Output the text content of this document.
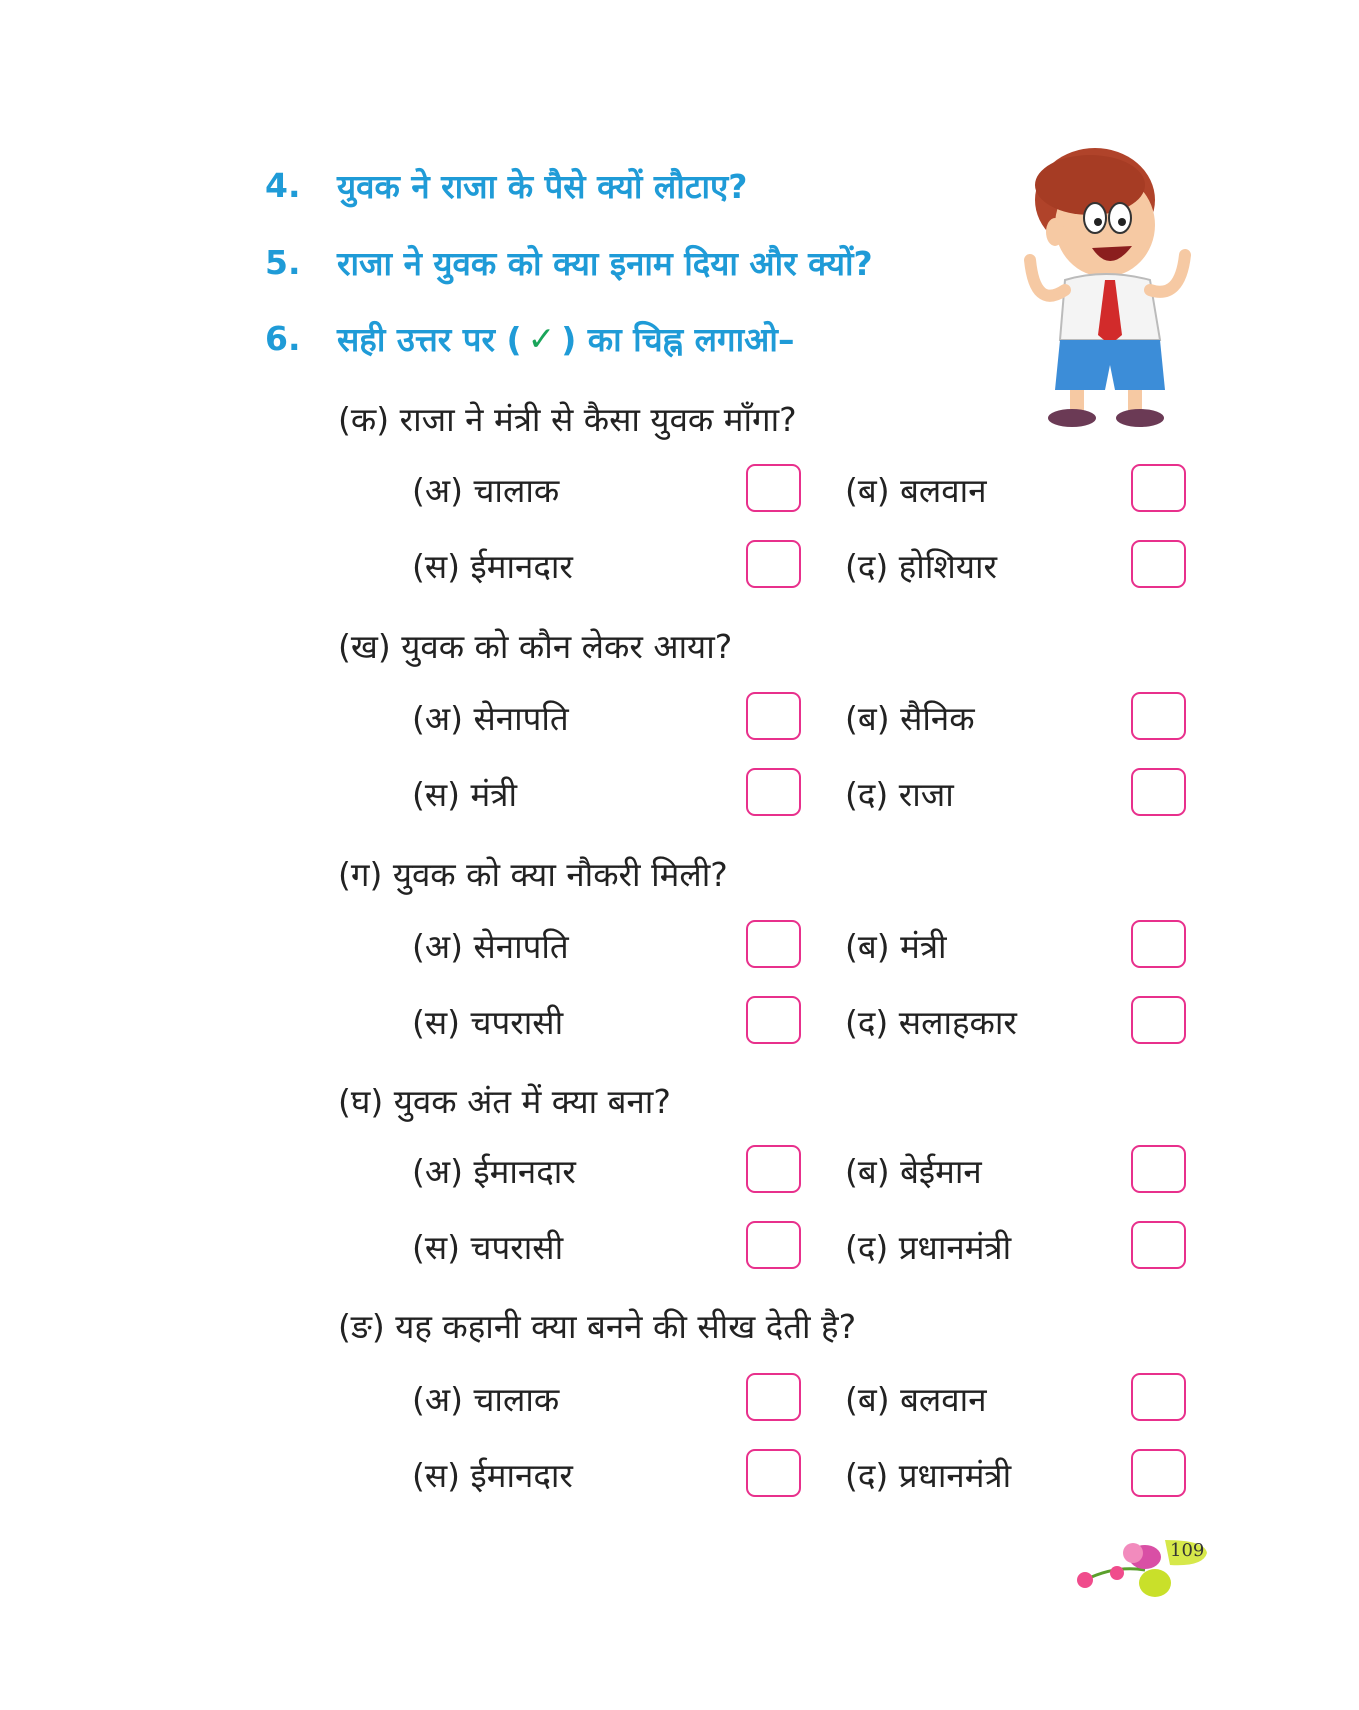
4.	युवक ने राजा के पैसे क्यों लौटाए?
5.	राजा ने युवक को क्या इनाम दिया और क्यों?
6.	सही उत्तर पर ( ✓ ) का चिह्न लगाओ–
(क) राजा ने मंत्री से कैसा युवक माँगा?
(अ) चालाक	(ब) बलवान
(स) ईमानदार	(द) होशियार
(ख) युवक को कौन लेकर आया?
(अ) सेनापति	(ब) सैनिक
(स) मंत्री	(द) राजा
(ग) युवक को क्या नौकरी मिली?
(अ) सेनापति	(ब) मंत्री
(स) चपरासी	(द) सलाहकार
(घ) युवक अंत में क्या बना?
(अ) ईमानदार	(ब) बेईमान
(स) चपरासी	(द) प्रधानमंत्री
(ङ) यह कहानी क्या बनने की सीख देती है?
(अ) चालाक	(ब) बलवान
(स) ईमानदार	(द) प्रधानमंत्री
109
